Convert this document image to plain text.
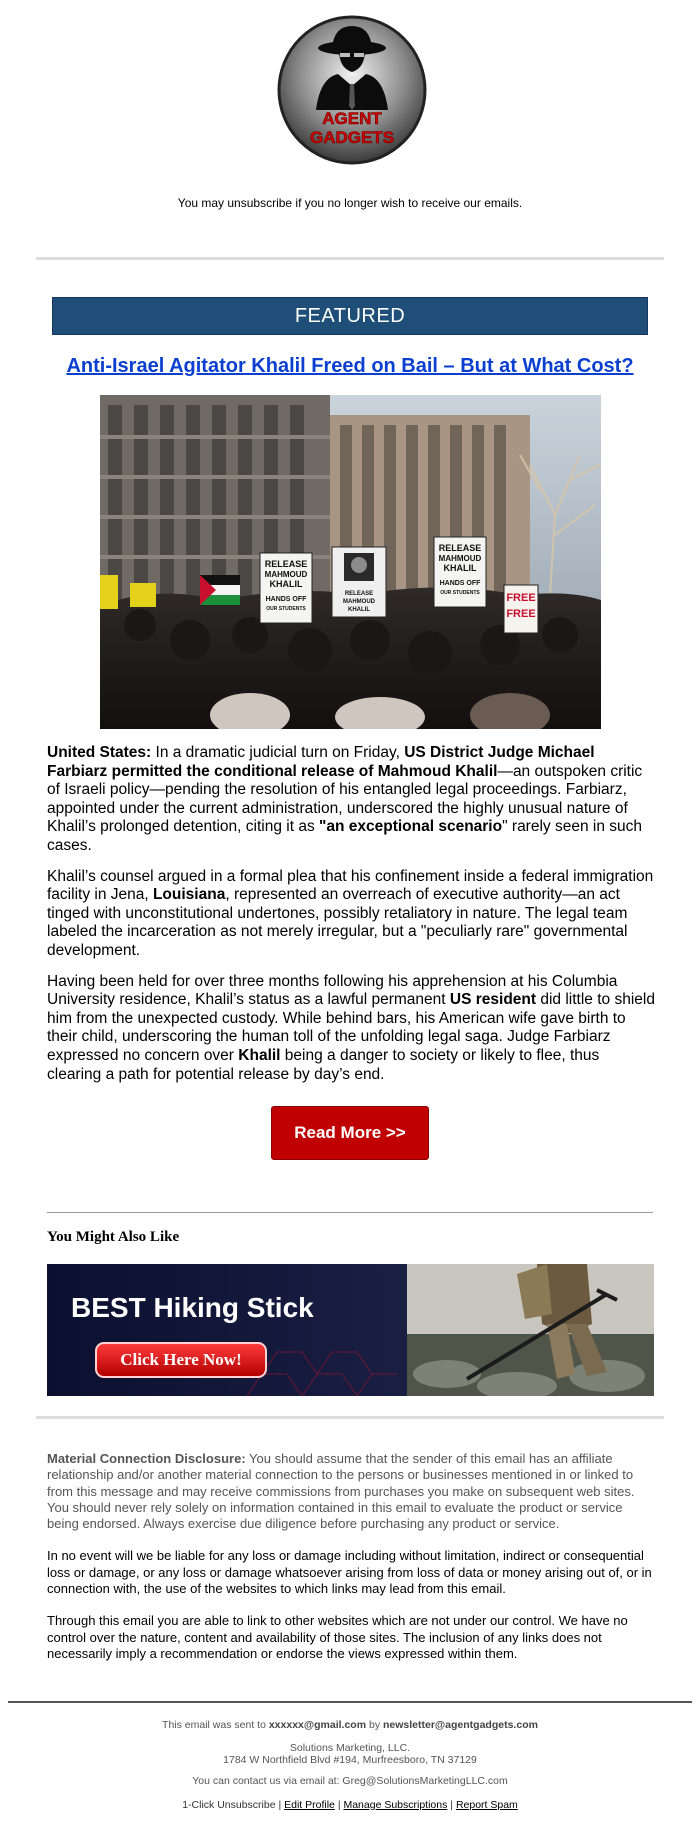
AGENT
GADGETS
You may unsubscribe if you no longer wish to receive our emails.
FEATURED
Anti-Israel Agitator Khalil Freed on Bail – But at What Cost?
RELEASE
MAHMOUD
KHALIL
HANDS OFF
OUR STUDENTS
RELEASE
MAHMOUD
KHALIL
RELEASE
MAHMOUD
KHALIL
HANDS OFF
OUR STUDENTS FREE
FREE

United States: In a dramatic judicial turn on Friday, US District Judge Michael Farbiarz permitted the conditional release of Mahmoud Khalil—an outspoken critic of Israeli policy—pending the resolution of his entangled legal proceedings. Farbiarz, appointed under the current administration, underscored the highly unusual nature of Khalil’s prolonged detention, citing it as "an exceptional scenario" rarely seen in such cases.

Khalil’s counsel argued in a formal plea that his confinement inside a federal immigration facility in Jena, Louisiana, represented an overreach of executive authority—an act tinged with unconstitutional undertones, possibly retaliatory in nature. The legal team labeled the incarceration as not merely irregular, but a "peculiarly rare" governmental development.

Having been held for over three months following his apprehension at his Columbia University residence, Khalil’s status as a lawful permanent US resident did little to shield him from the unexpected custody. While behind bars, his American wife gave birth to their child, underscoring the human toll of the unfolding legal saga. Judge Farbiarz expressed no concern over Khalil being a danger to society or likely to flee, thus clearing a path for potential release by day’s end.

Read More >>
You Might Also Like
BEST Hiking Stick
Click Here Now!

Material Connection Disclosure: You should assume that the sender of this email has an affiliate relationship and/or another material connection to the persons or businesses mentioned in or linked to from this message and may receive commissions from purchases you make on subsequent web sites. You should never rely solely on information contained in this email to evaluate the product or service being endorsed. Always exercise due diligence before purchasing any product or service.

In no event will we be liable for any loss or damage including without limitation, indirect or consequential loss or damage, or any loss or damage whatsoever arising from loss of data or money arising out of, or in connection with, the use of the websites to which links may lead from this email.

Through this email you are able to link to other websites which are not under our control. We have no control over the nature, content and availability of those sites. The inclusion of any links does not necessarily imply a recommendation or endorse the views expressed within them.

This email was sent to xxxxxx@gmail.com by newsletter@agentgadgets.com
Solutions Marketing, LLC.
1784 W Northfield Blvd #194, Murfreesboro, TN 37129
You can contact us via email at: Greg@SolutionsMarketingLLC.com
1-Click Unsubscribe | Edit Profile | Manage Subscriptions | Report Spam
